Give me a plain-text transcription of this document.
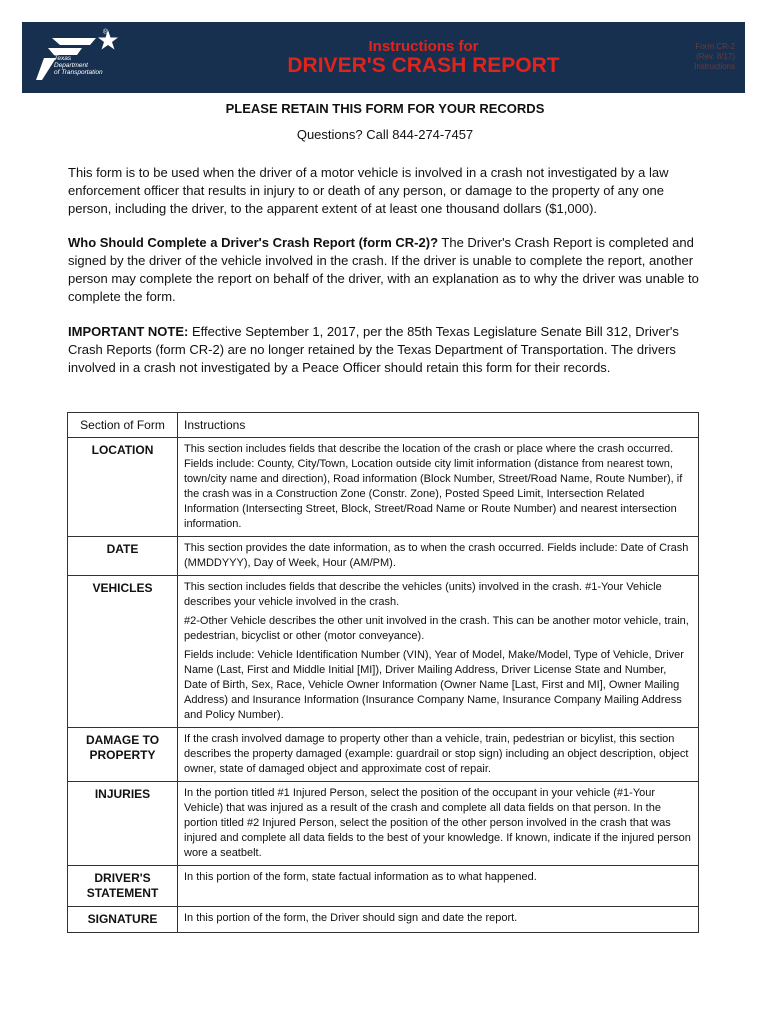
®
Texas
Department
of Transportation
Instructions for
DRIVER'S CRASH REPORT
Form CR-2
(Rev. 8/17)
Instructions
PLEASE RETAIN THIS FORM FOR YOUR RECORDS
Questions? Call 844-274-7457
This form is to be used when the driver of a motor vehicle is involved in a crash not investigated by a law enforcement officer that results in injury to or death of any person, or damage to the property of any one person, including the driver, to the apparent extent of at least one thousand dollars ($1,000).
Who Should Complete a Driver's Crash Report (form CR-2)? The Driver's Crash Report is completed and signed by the driver of the vehicle involved in the crash. If the driver is unable to complete the report, another person may complete the report on behalf of the driver, with an explanation as to why the driver was unable to complete the form.
IMPORTANT NOTE: Effective September 1, 2017, per the 85th Texas Legislature Senate Bill 312, Driver's Crash Reports (form CR-2) are no longer retained by the Texas Department of Transportation. The drivers involved in a crash not investigated by a Peace Officer should retain this form for their records.
Section of Form	Instructions
LOCATION	This section includes fields that describe the location of the crash or place where the crash occurred. Fields include: County, City/Town, Location outside city limit information (distance from nearest town, town/city name and direction), Road information (Block Number, Street/Road Name, Route Number), if the crash was in a Construction Zone (Constr. Zone), Posted Speed Limit, Intersection Related Information (Intersecting Street, Block, Street/Road Name or Route Number) and nearest intersection information.

DATE	This section provides the date information, as to when the crash occurred. Fields include: Date of Crash (MMDDYYY), Day of Week, Hour (AM/PM).

VEHICLES	This section includes fields that describe the vehicles (units) involved in the crash. #1-Your Vehicle describes your vehicle involved in the crash.

#2-Other Vehicle describes the other unit involved in the crash. This can be another motor vehicle, train, pedestrian, bicyclist or other (motor conveyance).

Fields include: Vehicle Identification Number (VIN), Year of Model, Make/Model, Type of Vehicle, Driver Name (Last, First and Middle Initial [MI]), Driver Mailing Address, Driver License State and Number, Date of Birth, Sex, Race, Vehicle Owner Information (Owner Name [Last, First and MI], Owner Mailing Address) and Insurance Information (Insurance Company Name, Insurance Company Mailing Address and Policy Number).

DAMAGE TO PROPERTY	If the crash involved damage to property other than a vehicle, train, pedestrian or bicylist, this section describes the property damaged (example: guardrail or stop sign) including an object description, object owner, state of damaged object and approximate cost of repair.

INJURIES	In the portion titled #1 Injured Person, select the position of the occupant in your vehicle (#1-Your Vehicle) that was injured as a result of the crash and complete all data fields on that person. In the portion titled #2 Injured Person, select the position of the other person involved in the crash that was injured and complete all data fields to the best of your knowledge. If known, indicate if the injured person wore a seatbelt.

DRIVER'S STATEMENT	In this portion of the form, state factual information as to what happened.

SIGNATURE	In this portion of the form, the Driver should sign and date the report.
